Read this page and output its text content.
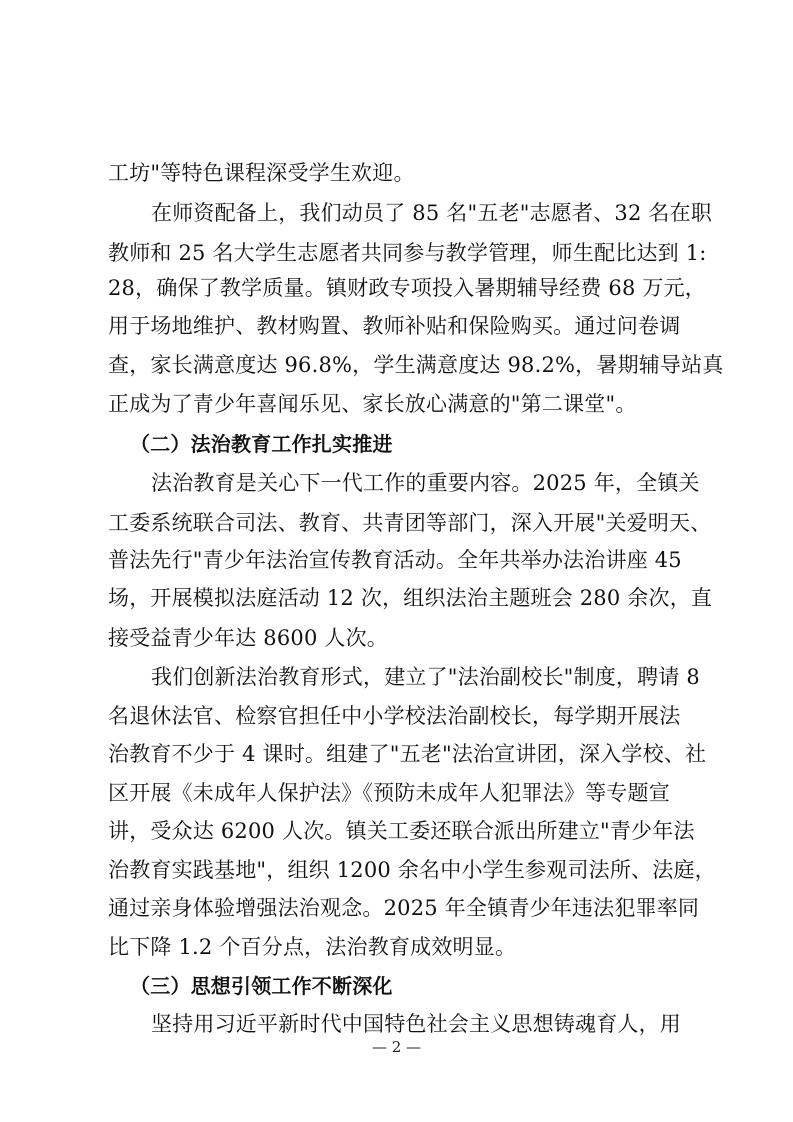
工坊"等特色课程深受学生欢迎。
在师资配备上，我们动员了 85 名"五老"志愿者、32 名在职
教师和 25 名大学生志愿者共同参与教学管理，师生配比达到 1:
28，确保了教学质量。镇财政专项投入暑期辅导经费 68 万元，
用于场地维护、教材购置、教师补贴和保险购买。通过问卷调
查，家长满意度达 96.8%，学生满意度达 98.2%，暑期辅导站真
正成为了青少年喜闻乐见、家长放心满意的"第二课堂"。
（二）法治教育工作扎实推进
法治教育是关心下一代工作的重要内容。2025 年，全镇关
工委系统联合司法、教育、共青团等部门，深入开展"关爱明天、
普法先行"青少年法治宣传教育活动。全年共举办法治讲座 45
场，开展模拟法庭活动 12 次，组织法治主题班会 280 余次，直
接受益青少年达 8600 人次。
我们创新法治教育形式，建立了"法治副校长"制度，聘请 8
名退休法官、检察官担任中小学校法治副校长，每学期开展法
治教育不少于 4 课时。组建了"五老"法治宣讲团，深入学校、社
区开展《未成年人保护法》《预防未成年人犯罪法》等专题宣
讲，受众达 6200 人次。镇关工委还联合派出所建立"青少年法
治教育实践基地"，组织 1200 余名中小学生参观司法所、法庭，
通过亲身体验增强法治观念。2025 年全镇青少年违法犯罪率同
比下降 1.2 个百分点，法治教育成效明显。
（三）思想引领工作不断深化
坚持用习近平新时代中国特色社会主义思想铸魂育人，用
— 2 —
